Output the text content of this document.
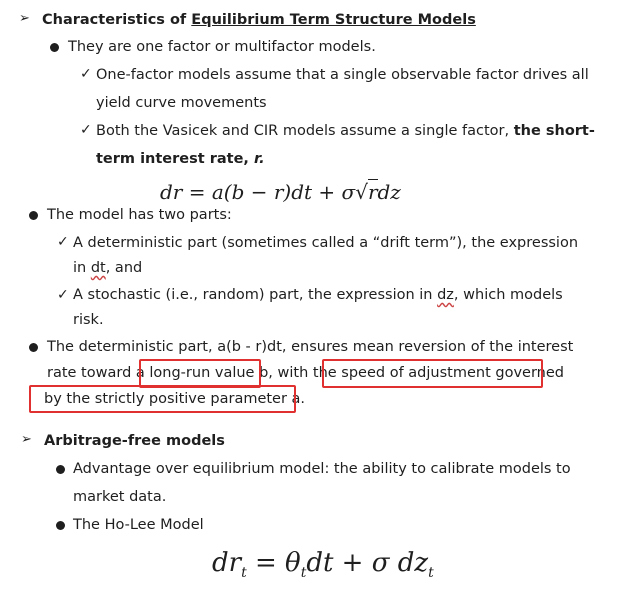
➢ Characteristics of Equilibrium Term Structure Models
They are one factor or multifactor models.
✓ One-factor models assume that a single observable factor drives all
yield curve movements
✓ Both the Vasicek and CIR models assume a single factor, the short-
term interest rate, r.
dr = a(b − r)dt + σ√rdz
The model has two parts:
✓ A deterministic part (sometimes called a “drift term”), the expression
in dt, and
✓ A stochastic (i.e., random) part, the expression in dz, which models
risk.
The deterministic part, a(b - r)dt, ensures mean reversion of the interest
rate toward a long-run value b, with the speed of adjustment governed
by the strictly positive parameter a.
➢ Arbitrage-free models
Advantage over equilibrium model: the ability to calibrate models to
market data.
The Ho-Lee Model
$dr_t = \theta_tdt + \sigma$ $dz_t$
